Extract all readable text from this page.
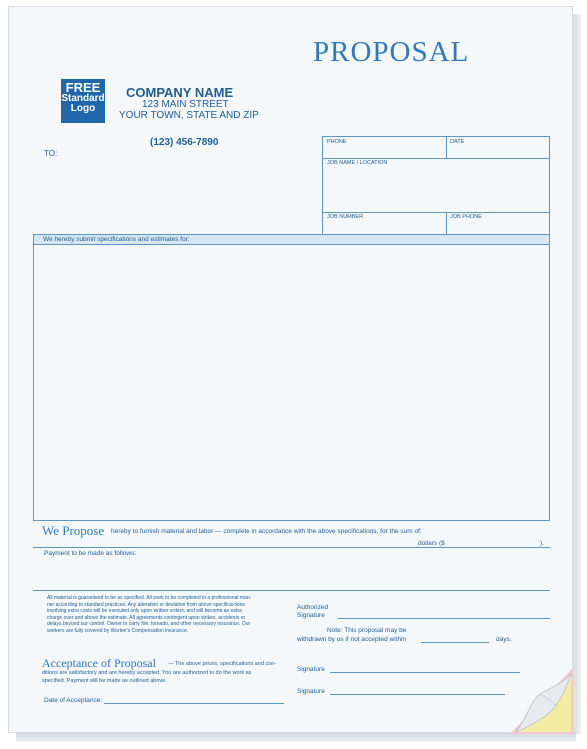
PROPOSAL
FREE
Standard
Logo
COMPANY NAME
123 MAIN STREET
YOUR TOWN, STATE AND ZIP
(123) 456-7890
TO:
PHONE	DATE
JOB NAME / LOCATION
JOB NUMBER	JOB PHONE
We hereby submit specifications and estimates for:
We Propose hereby to furnish material and labor — complete in accordance with the above specifications, for the sum of:
dollars ($	).
Payment to be made as follows:
All material is guaranteed to be as specified. All work to be completed in a professional man-
ner according to standard practices. Any alteration or deviation from above specifica-tions
involving extra costs will be executed only upon written orders, and will become an extra
charge over and above the estimate. All agreements contingent upon strikes, accidents or
delays beyond our control. Owner to carry fire, tornado, and other necessary insurance. Our
workers are fully covered by Worker's Compensation insurance.
Authorized
Signature
Note: This proposal may be
withdrawn by us if not accepted within	days.
Acceptance of Proposal — The above prices, specifications and con-
ditions are satisfactory and are hereby accepted. You are authorized to do the work as
specified. Payment will be made as outlined above.
Signature
Signature
Date of Acceptance:
